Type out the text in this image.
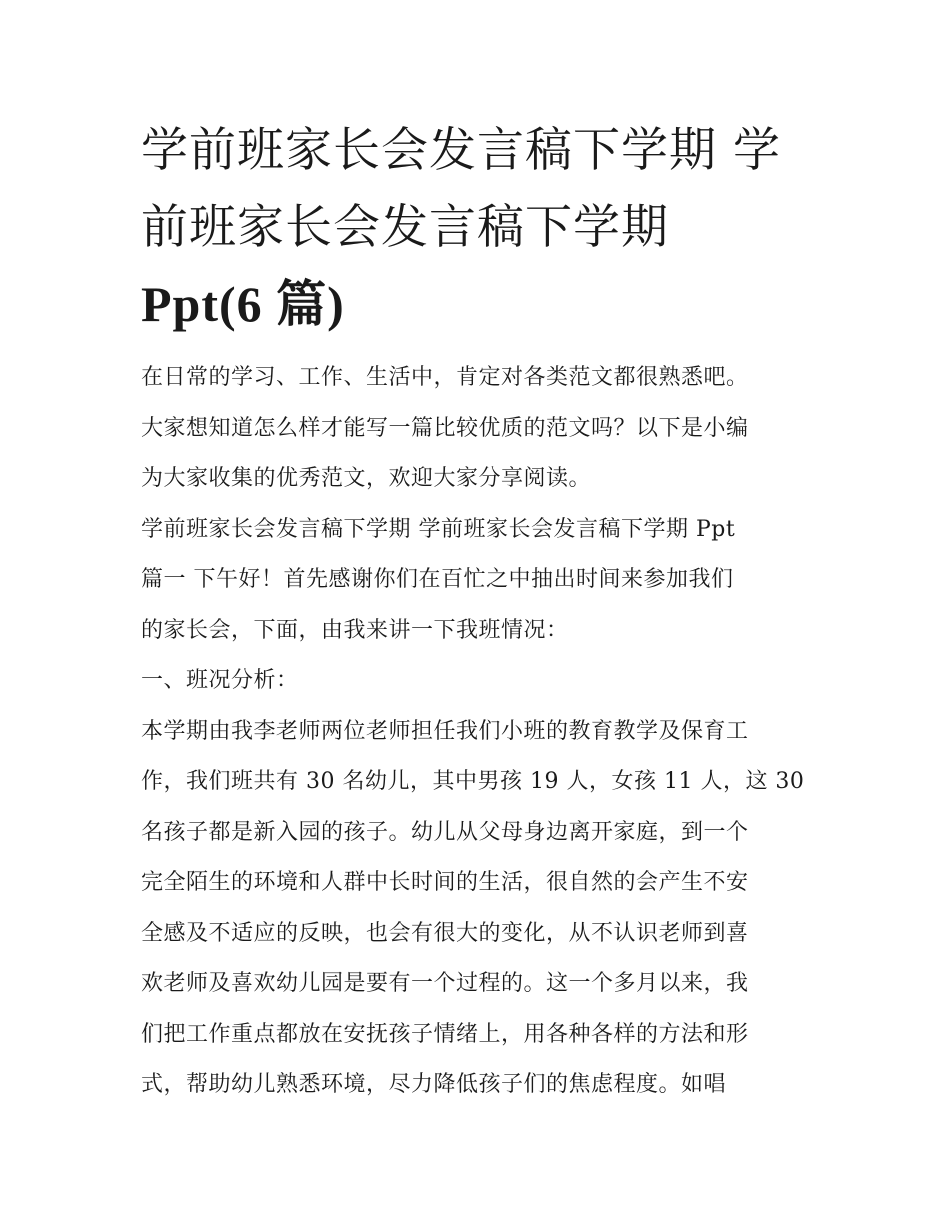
学前班家长会发言稿下学期 学
前班家长会发言稿下学期
Ppt(6 篇)

在日常的学习、工作、生活中，肯定对各类范文都很熟悉吧。
大家想知道怎么样才能写一篇比较优质的范文吗？以下是小编
为大家收集的优秀范文，欢迎大家分享阅读。

学前班家长会发言稿下学期 学前班家长会发言稿下学期 Ppt
篇一 下午好！首先感谢你们在百忙之中抽出时间来参加我们
的家长会，下面，由我来讲一下我班情况：

一、班况分析：

本学期由我李老师两位老师担任我们小班的教育教学及保育工
作，我们班共有 30 名幼儿，其中男孩 19 人，女孩 11 人，这 30
名孩子都是新入园的孩子。幼儿从父母身边离开家庭，到一个
完全陌生的环境和人群中长时间的生活，很自然的会产生不安
全感及不适应的反映，也会有很大的变化，从不认识老师到喜
欢老师及喜欢幼儿园是要有一个过程的。这一个多月以来，我
们把工作重点都放在安抚孩子情绪上，用各种各样的方法和形
式，帮助幼儿熟悉环境，尽力降低孩子们的焦虑程度。如唱
